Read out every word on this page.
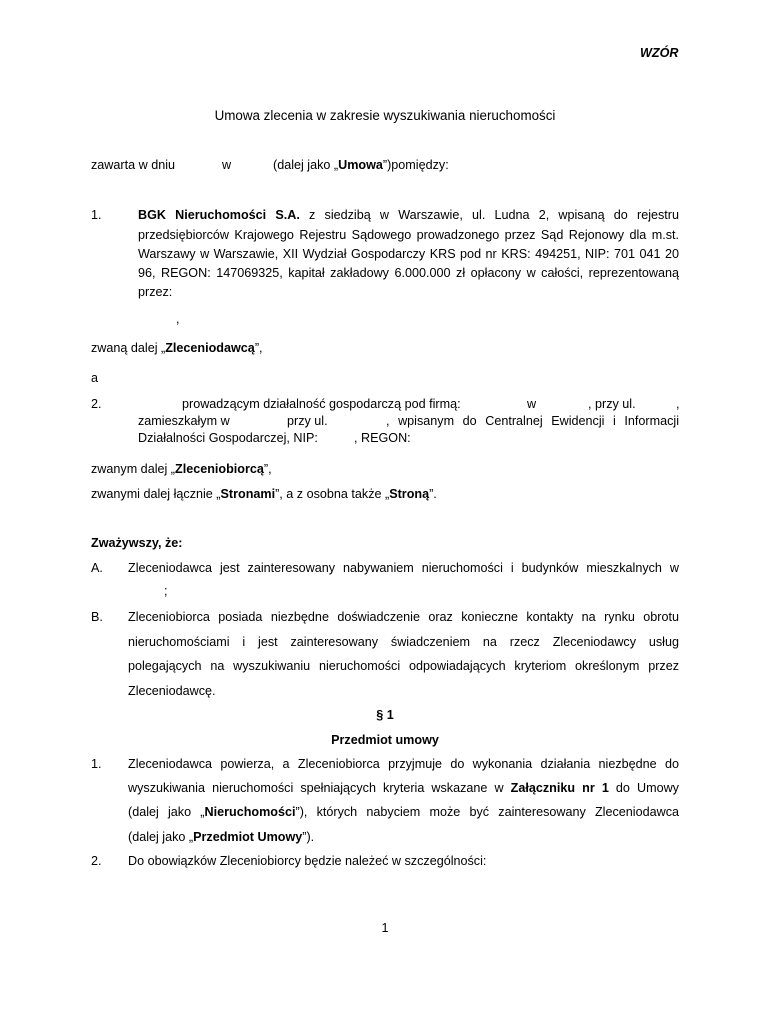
WZÓR
Umowa zlecenia w zakresie wyszukiwania nieruchomości
zawarta w dniu	w	(dalej jako „Umowa”)pomiędzy:
1.	BGK Nieruchomości S.A. z siedzibą w Warszawie, ul. Ludna 2, wpisaną do rejestru
przedsiębiorców Krajowego Rejestru Sądowego prowadzonego przez Sąd Rejonowy dla m.st.
Warszawy w Warszawie, XII Wydział Gospodarczy KRS pod nr KRS: 494251, NIP: 701 041 20
96, REGON: 147069325, kapitał zakładowy 6.000.000 zł opłacony w całości, reprezentowaną
przez:
,
zwaną dalej „Zleceniodawcą”,
a
2.	prowadzącym działalność gospodarczą pod firmą:	w	, przy ul.	,
zamieszkałym w	przy ul.	, wpisanym do Centralnej Ewidencji i Informacji
Działalności Gospodarczej, NIP:	, REGON:
zwanym dalej „Zleceniobiorcą”,
zwanymi dalej łącznie „Stronami”, a z osobna także „Stroną”.
Zważywszy, że:
A. Zleceniodawca jest zainteresowany nabywaniem nieruchomości i budynków mieszkalnych w
;
B. Zleceniobiorca posiada niezbędne doświadczenie oraz konieczne kontakty na rynku obrotu
nieruchomościami i jest zainteresowany świadczeniem na rzecz Zleceniodawcy usług
polegających na wyszukiwaniu nieruchomości odpowiadających kryteriom określonym przez
Zleceniodawcę.
§ 1
Przedmiot umowy
1. Zleceniodawca powierza, a Zleceniobiorca przyjmuje do wykonania działania niezbędne do
wyszukiwania nieruchomości spełniających kryteria wskazane w Załączniku nr 1 do Umowy
(dalej jako „Nieruchomości”), których nabyciem może być zainteresowany Zleceniodawca
(dalej jako „Przedmiot Umowy”).
2. Do obowiązków Zleceniobiorcy będzie należeć w szczególności:
1
